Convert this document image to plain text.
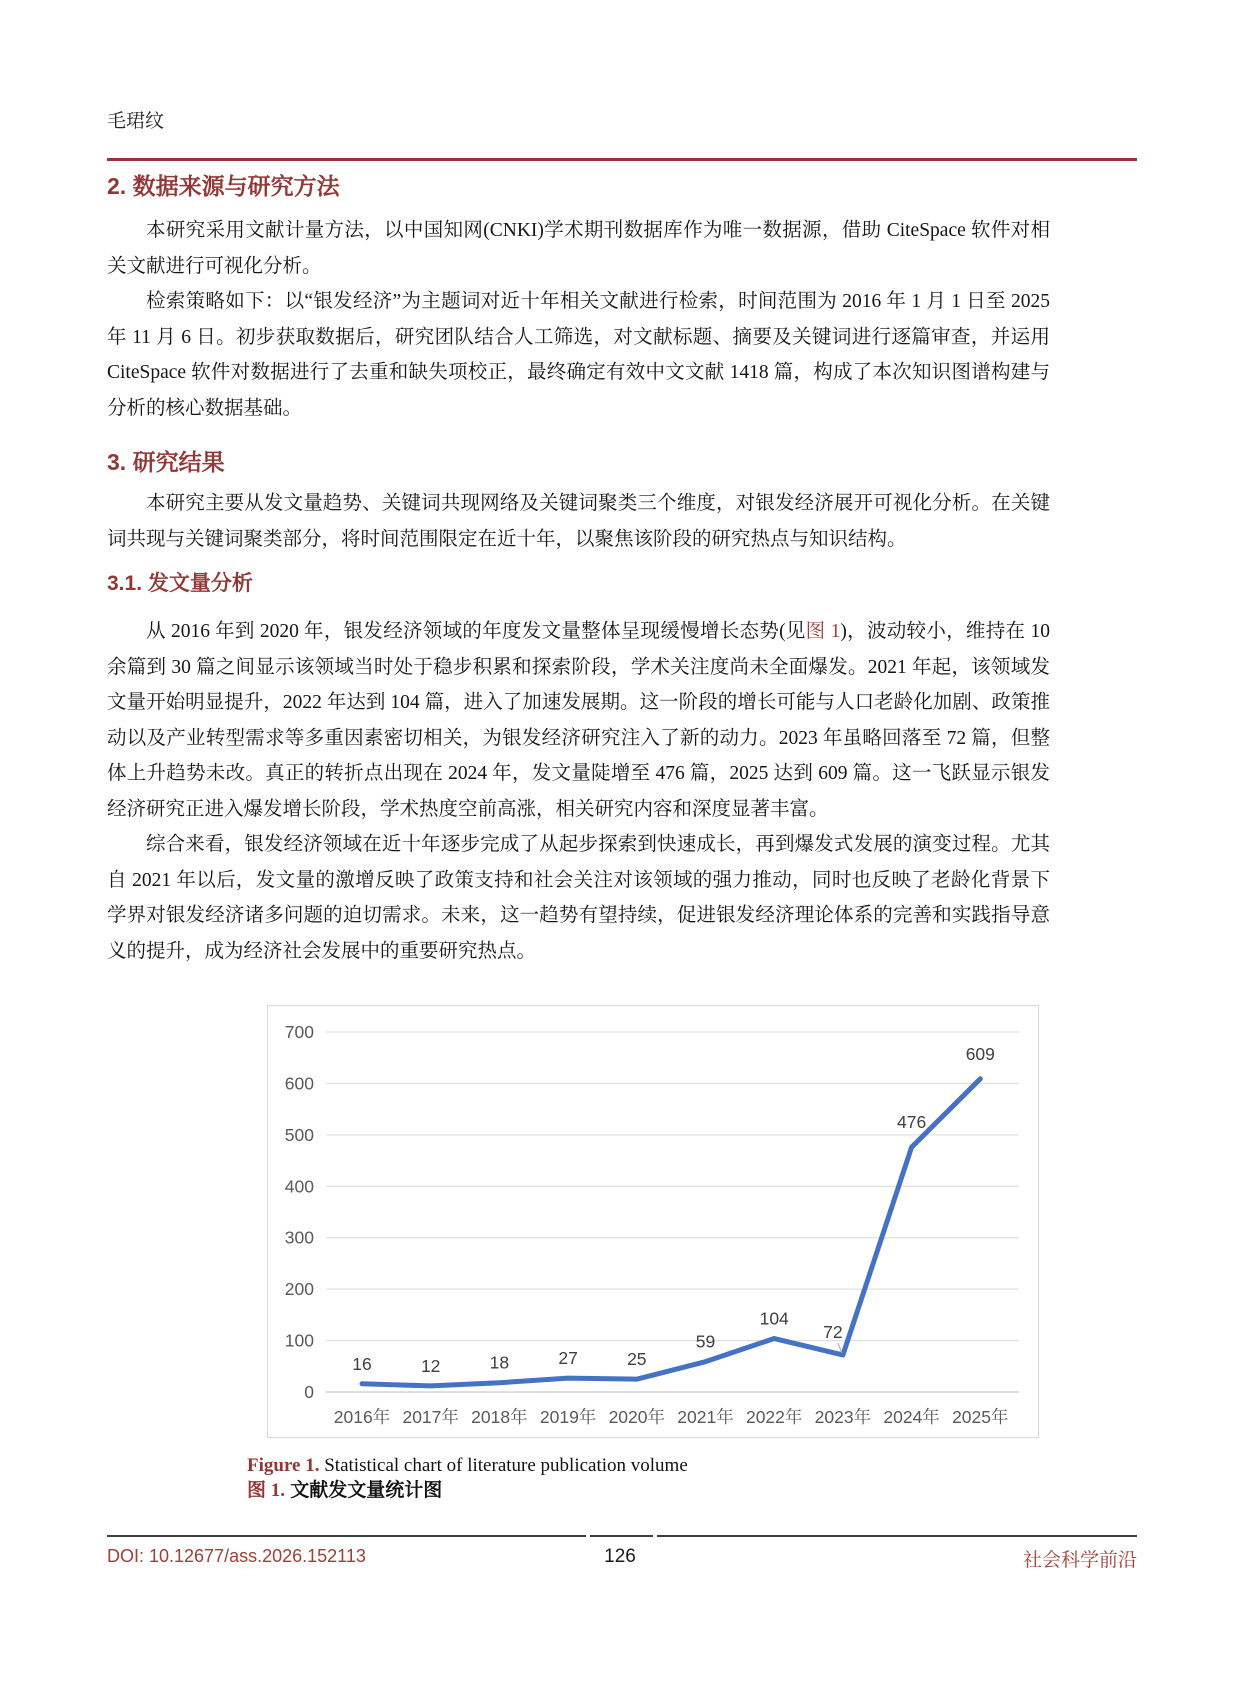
毛珺纹
2. 数据来源与研究方法

本研究采用文献计量方法，以中国知网(CNKI)学术期刊数据库作为唯一数据源，借助 CiteSpace 软件对相关文献进行可视化分析。

检索策略如下：以“银发经济”为主题词对近十年相关文献进行检索，时间范围为 2016 年 1 月 1 日至 2025 年 11 月 6 日。初步获取数据后，研究团队结合人工筛选，对文献标题、摘要及关键词进行逐篇审查，并运用 CiteSpace 软件对数据进行了去重和缺失项校正，最终确定有效中文文献 1418 篇，构成了本次知识图谱构建与分析的核心数据基础。

3. 研究结果

本研究主要从发文量趋势、关键词共现网络及关键词聚类三个维度，对银发经济展开可视化分析。在关键词共现与关键词聚类部分，将时间范围限定在近十年，以聚焦该阶段的研究热点与知识结构。

3.1. 发文量分析

从 2016 年到 2020 年，银发经济领域的年度发文量整体呈现缓慢增长态势(见图 1)，波动较小，维持在 10 余篇到 30 篇之间显示该领域当时处于稳步积累和探索阶段，学术关注度尚未全面爆发。2021 年起，该领域发文量开始明显提升，2022 年达到 104 篇，进入了加速发展期。这一阶段的增长可能与人口老龄化加剧、政策推动以及产业转型需求等多重因素密切相关，为银发经济研究注入了新的动力。2023 年虽略回落至 72 篇，但整体上升趋势未改。真正的转折点出现在 2024 年，发文量陡增至 476 篇，2025 达到 609 篇。这一飞跃显示银发经济研究正进入爆发增长阶段，学术热度空前高涨，相关研究内容和深度显著丰富。

综合来看，银发经济领域在近十年逐步完成了从起步探索到快速成长，再到爆发式发展的演变过程。尤其自 2021 年以后，发文量的激增反映了政策支持和社会关注对该领域的强力推动，同时也反映了老龄化背景下学界对银发经济诸多问题的迫切需求。未来，这一趋势有望持续，促进银发经济理论体系的完善和实践指导意义的提升，成为经济社会发展中的重要研究热点。

0
100
200
300
400
500
600
700
2016年 2017年 2018年 2019年 2020年 2021年 2022年 2023年 2024年 2025年
16	12	18	27	25
59
104
72
476
609
Figure 1. Statistical chart of literature publication volume
图 1. 文献发文量统计图
DOI: 10.12677/ass.2026.152113	126	社会科学前沿
